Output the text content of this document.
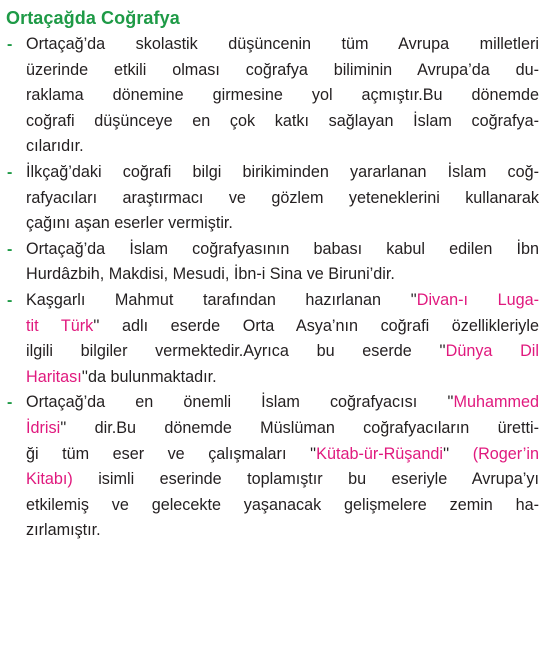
Ortaçağda Coğrafya
- Ortaçağ’da skolastik düşüncenin tüm Avrupa milletleri
üzerinde etkili olması coğrafya biliminin Avrupa’da du-
raklama dönemine girmesine yol açmıştır.Bu dönemde
coğrafi düşünceye en çok katkı sağlayan İslam coğrafya-
cılarıdır.
- İlkçağ’daki coğrafi bilgi birikiminden yararlanan İslam coğ-
rafyacıları araştırmacı ve gözlem yeteneklerini kullanarak
çağını aşan eserler vermiştir.
- Ortaçağ’da İslam coğrafyasının babası kabul edilen İbn
Hurdâzbih, Makdisi, Mesudi, İbn-i Sina ve Biruni’dir.
- Kaşgarlı Mahmut tarafından hazırlanan ''Divan-ı Luga-
tit Türk'' adlı eserde Orta Asya’nın coğrafi özellikleriyle
ilgili bilgiler vermektedir.Ayrıca bu eserde ''Dünya Dil
Haritası''da bulunmaktadır.
- Ortaçağ’da en önemli İslam coğrafyacısı ''Muhammed
İdrisi'' dir.Bu dönemde Müslüman coğrafyacıların üretti-
ği tüm eser ve çalışmaları ''Kütab-ür-Rüşandi'' (Roger’in
Kitabı) isimli eserinde toplamıştır bu eseriyle Avrupa’yı
etkilemiş ve gelecekte yaşanacak gelişmelere zemin ha-
zırlamıştır.
